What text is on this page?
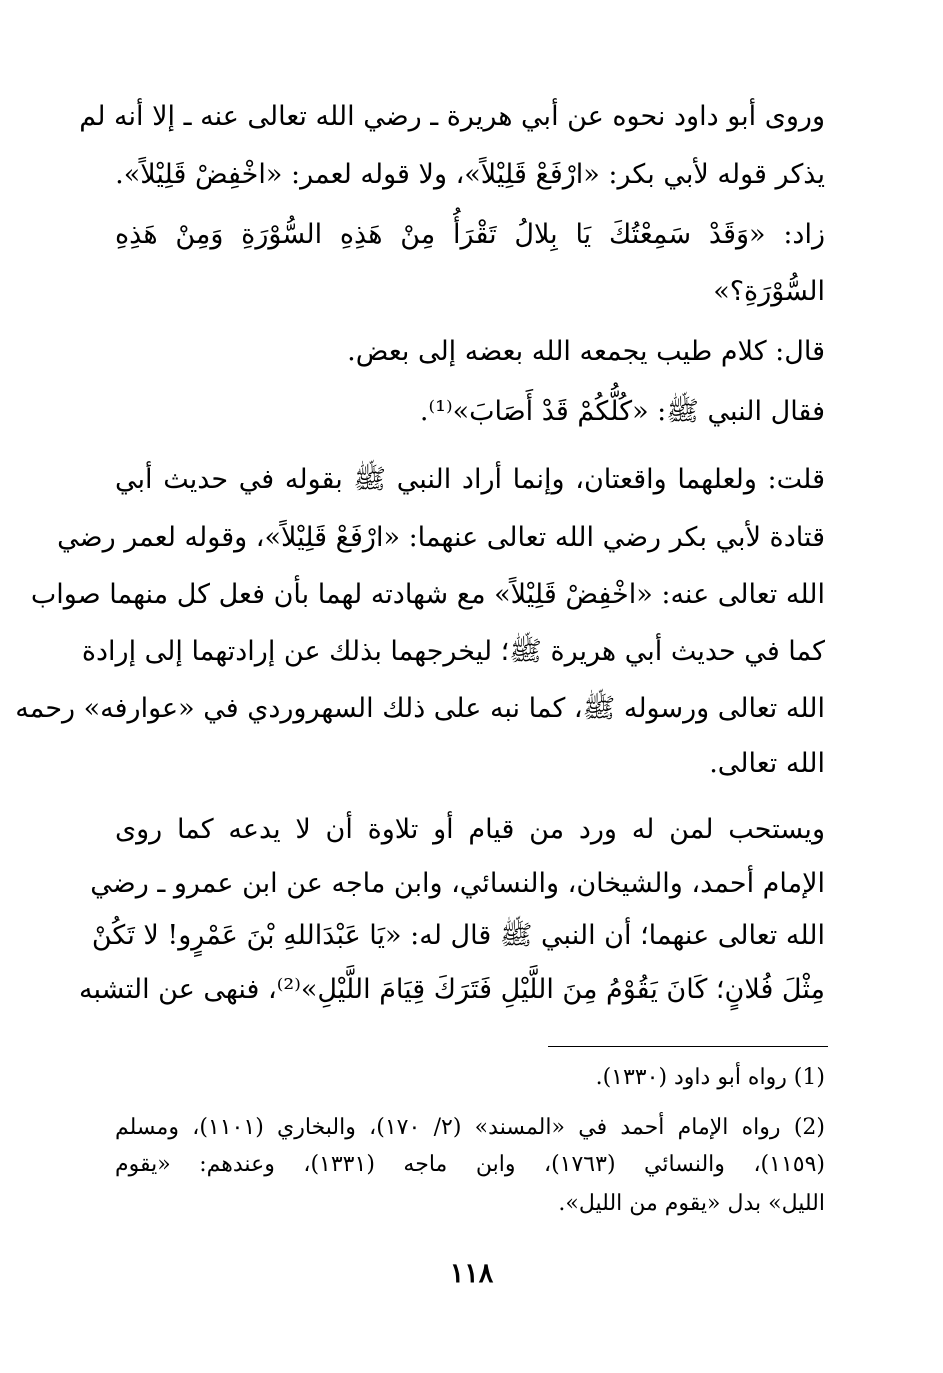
وروى أبو داود نحوه عن أبي هريرة ـ رضي الله تعالى عنه ـ إلا أنه لم
يذكر قوله لأبي بكر: «ارْفَعْ قَلِيْلاً»، ولا قوله لعمر: «اخْفِضْ قَلِيْلاً».
زاد: «وَقَدْ سَمِعْتُكَ يَا بِلالُ تَقْرَأُ مِنْ هَذِهِ السُّوْرَةِ وَمِنْ هَذِهِ
السُّوْرَةِ؟»
قال: كلام طيب يجمعه الله بعضه إلى بعض.
فقال النبي ﷺ: «كُلُّكُمْ قَدْ أَصَابَ»⁽¹⁾.
قلت: ولعلهما واقعتان، وإنما أراد النبي ﷺ بقوله في حديث أبي
قتادة لأبي بكر رضي الله تعالى عنهما: «ارْفَعْ قَلِيْلاً»، وقوله لعمر رضي
الله تعالى عنه: «اخْفِضْ قَلِيْلاً» مع شهادته لهما بأن فعل كل منهما صواب
كما في حديث أبي هريرة ﷺ؛ ليخرجهما بذلك عن إرادتهما إلى إرادة
الله تعالى ورسوله ﷺ، كما نبه على ذلك السهروردي في «عوارفه» رحمه
الله تعالى.
ويستحب لمن له ورد من قيام أو تلاوة أن لا يدعه كما روى
الإمام أحمد، والشيخان، والنسائي، وابن ماجه عن ابن عمرو ـ رضي
الله تعالى عنهما؛ أن النبي ﷺ قال له: «يَا عَبْدَاللهِ بْنَ عَمْرٍو! لا تَكُنْ
مِثْلَ فُلانٍ؛ كَانَ يَقُوْمُ مِنَ اللَّيْلِ فَتَرَكَ قِيَامَ اللَّيْلِ»⁽²⁾، فنهى عن التشبه
(1) رواه أبو داود (١٣٣٠).
(2) رواه الإمام أحمد في «المسند» (٢/ ١٧٠)، والبخاري (١١٠١)، ومسلم
(١١٥٩)، والنسائي (١٧٦٣)، وابن ماجه (١٣٣١)، وعندهم: «يقوم
الليل» بدل «يقوم من الليل».
١١٨
